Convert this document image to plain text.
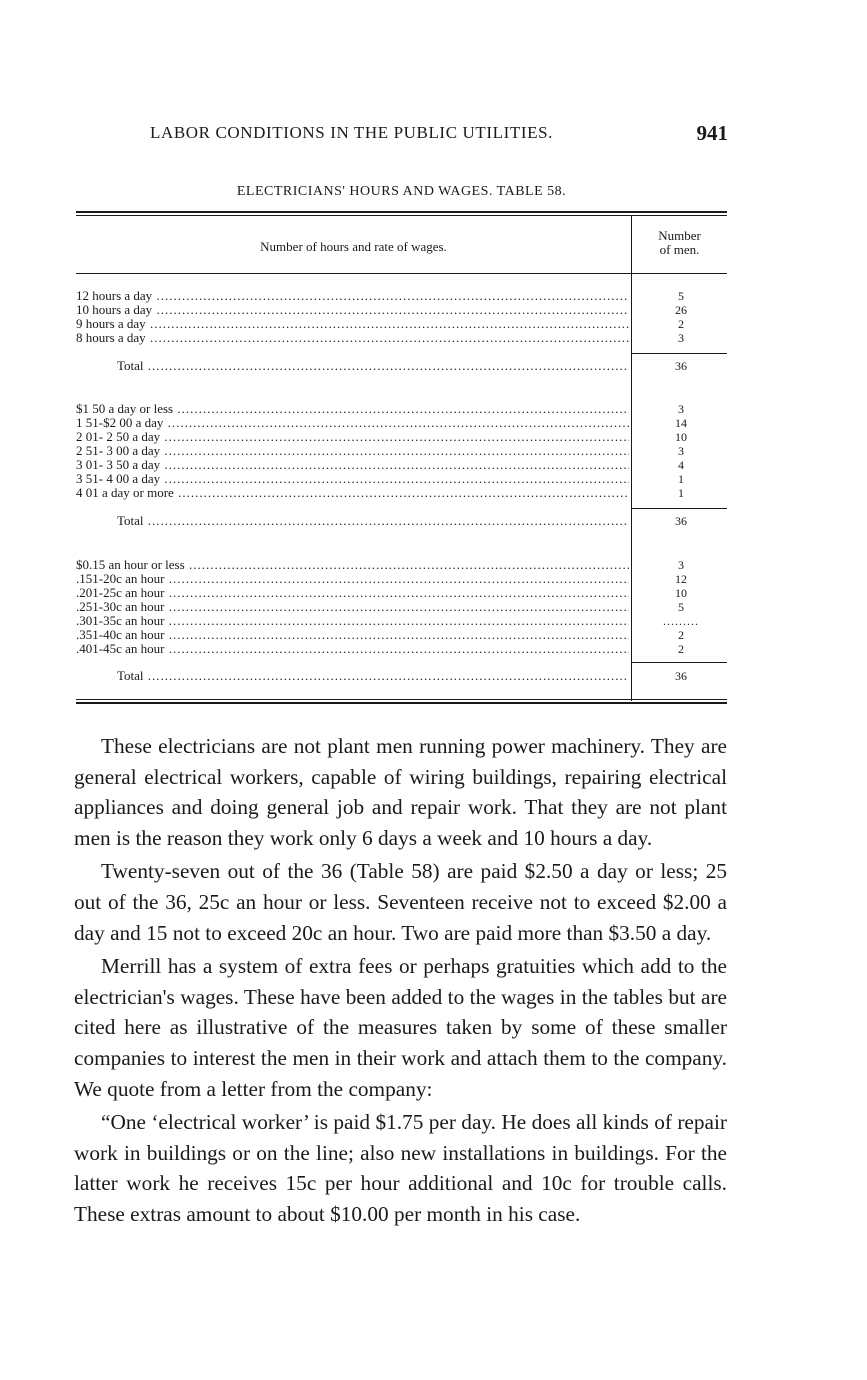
LABOR CONDITIONS IN THE PUBLIC UTILITIES.	941
ELECTRICIANS' HOURS AND WAGES. TABLE 58.
Number of hours and rate of wages.
Number
of men.
12 hours a day .....	5
10 hours a day .....	26
9 hours a day .....	2
8 hours a day .....	3
Total .....	36
$1 50 a day or less .....	3
1 51-$2 00 a day .....	14
2 01- 2 50 a day .....	10
2 51- 3 00 a day .....	3
3 01- 3 50 a day .....	4
3 51- 4 00 a day .....	1
4 01 a day or more .....	1
Total .....	36
$0.15 an hour or less .....	3
.151-20c an hour .....	12
.201-25c an hour .....	10
.251-30c an hour .....	5
.301-35c an hour .....	.........
.351-40c an hour .....	2
.401-45c an hour .....	2
Total .....	36

These electricians are not plant men running power machinery. They are general electrical workers, capable of wiring buildings, repairing electrical appliances and doing general job and repair work. That they are not plant men is the reason they work only 6 days a week and 10 hours a day.

Twenty-seven out of the 36 (Table 58) are paid $2.50 a day or less; 25 out of the 36, 25c an hour or less. Seventeen receive not to exceed $2.00 a day and 15 not to exceed 20c an hour. Two are paid more than $3.50 a day.

Merrill has a system of extra fees or perhaps gratuities which add to the electrician's wages. These have been added to the wages in the tables but are cited here as illustrative of the measures taken by some of these smaller companies to interest the men in their work and attach them to the company. We quote from a letter from the company:

“One ‘electrical worker’ is paid $1.75 per day. He does all kinds of repair work in buildings or on the line; also new installations in buildings. For the latter work he receives 15c per hour additional and 10c for trouble calls. These extras amount to about $10.00 per month in his case.
